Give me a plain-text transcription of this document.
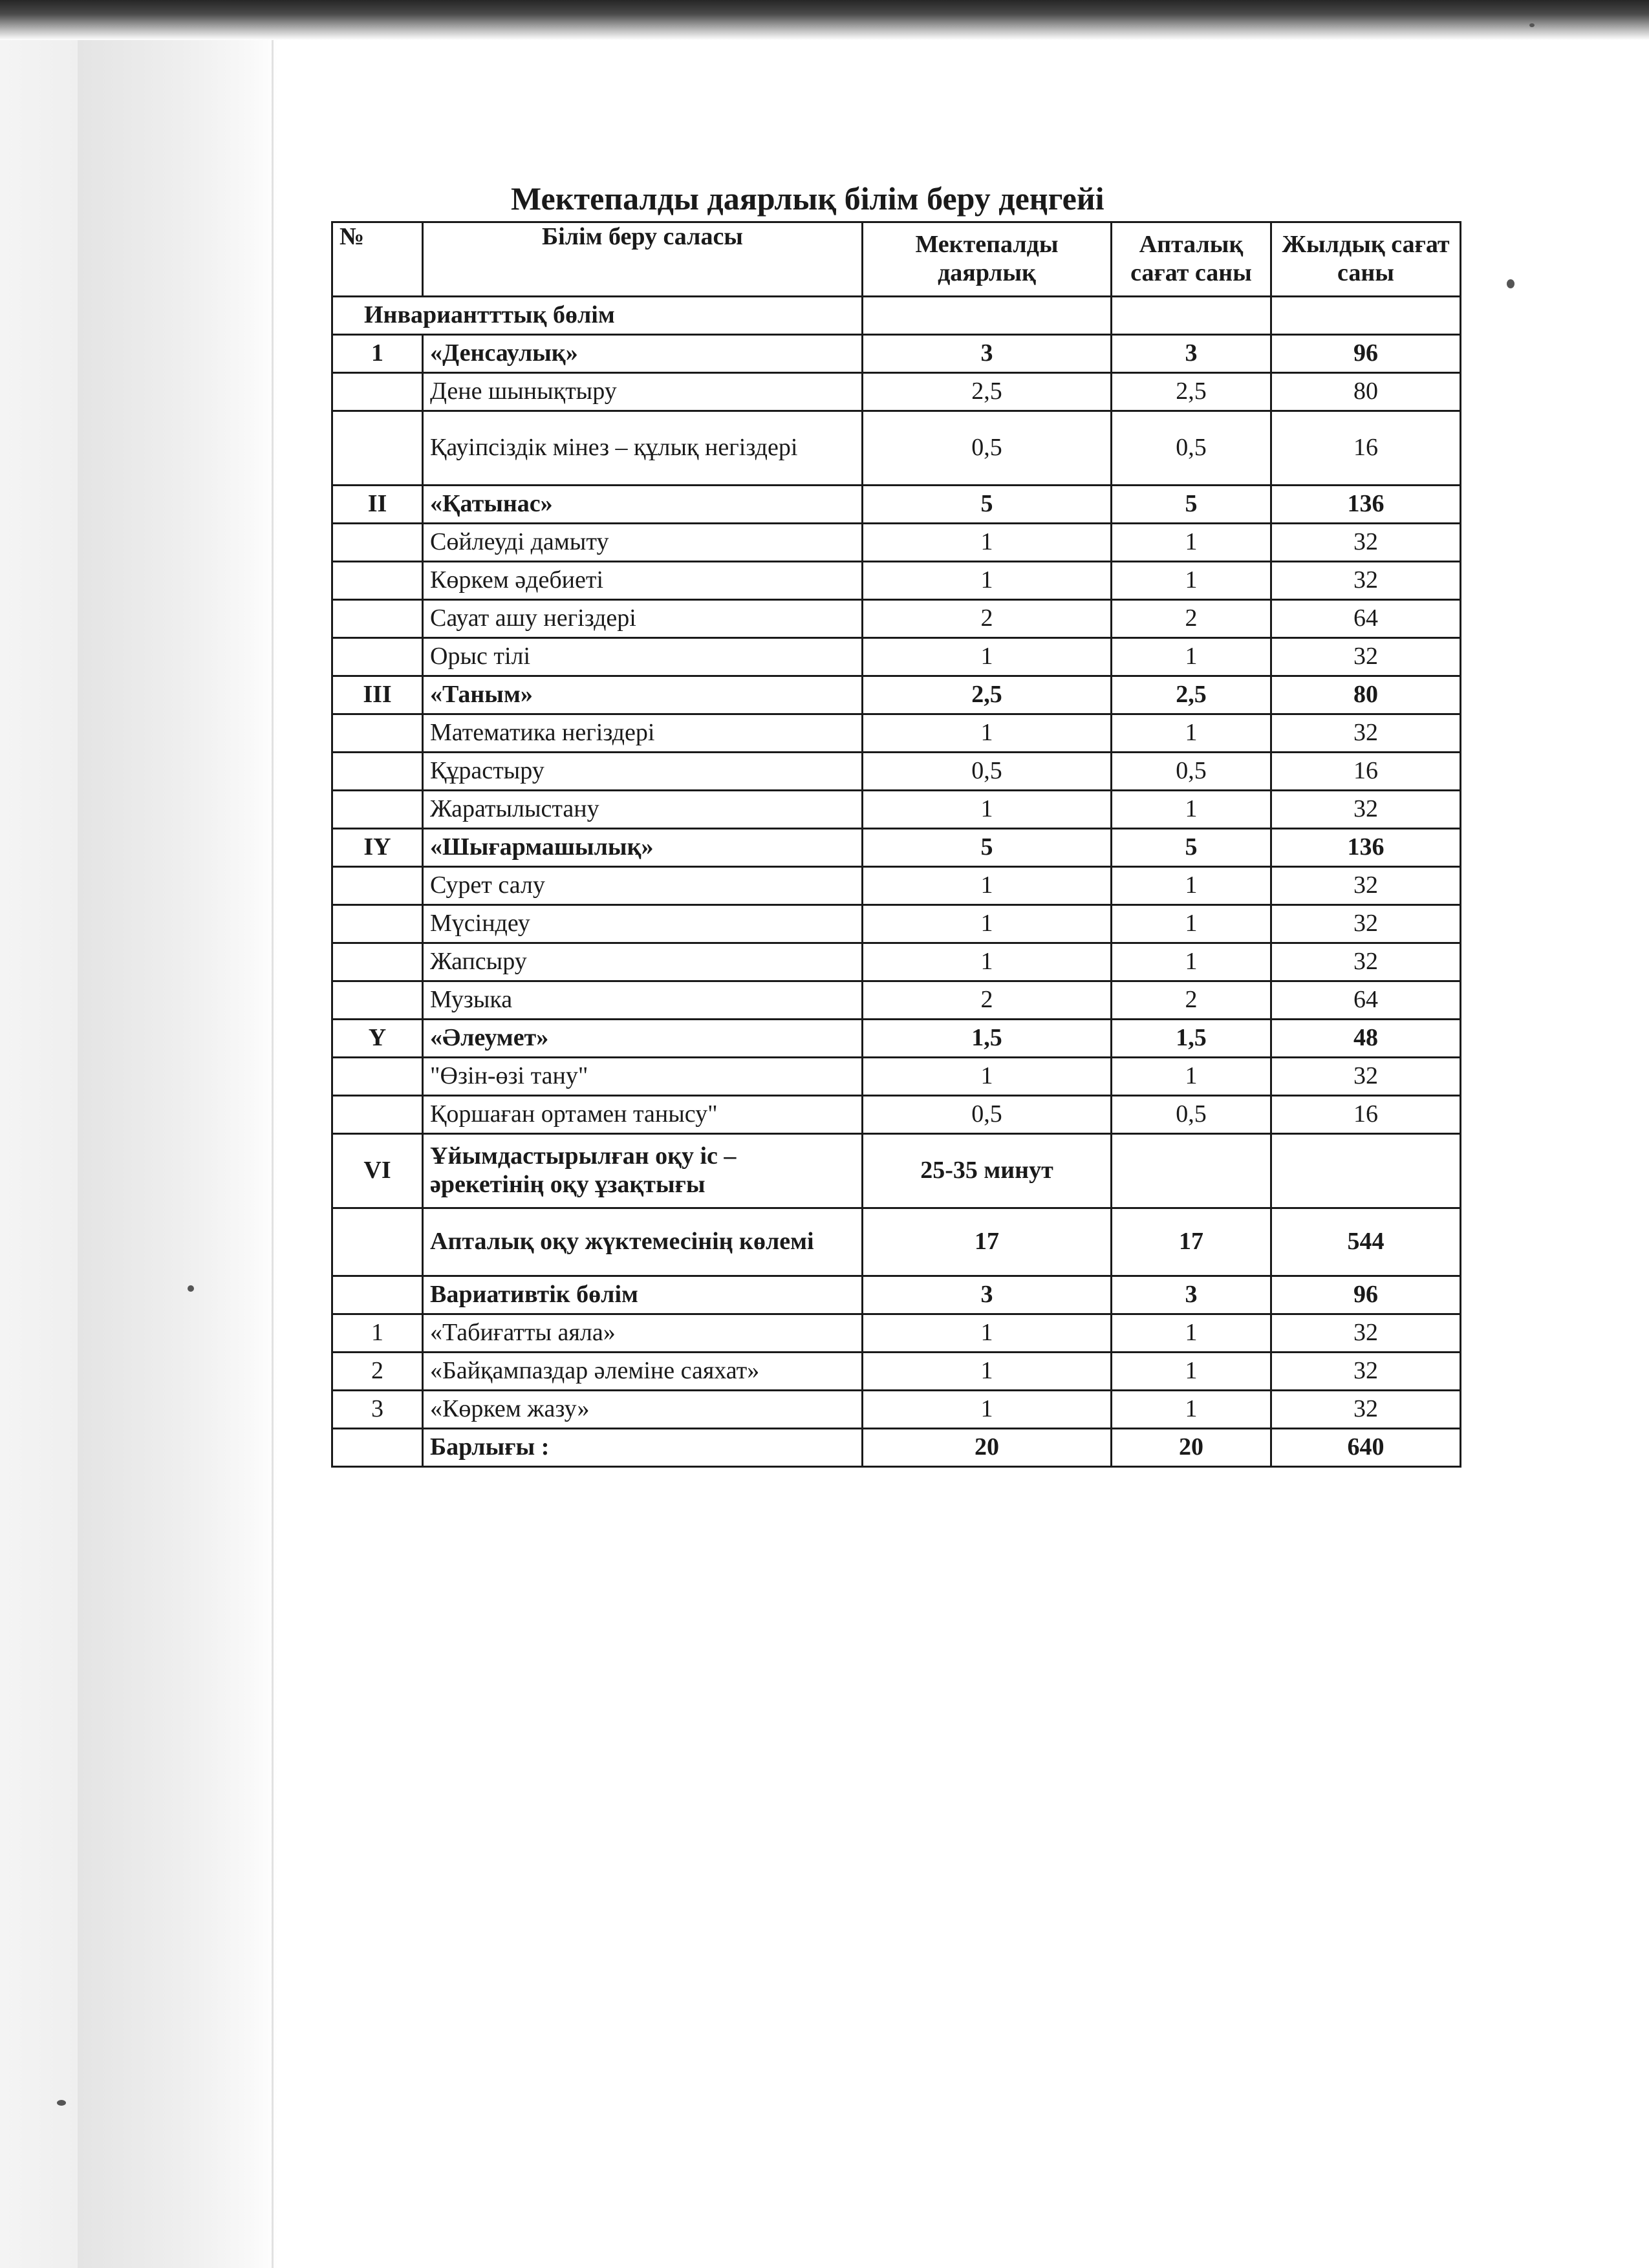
Мектепалды даярлық білім беру деңгейі
№	Білім беру саласы	Мектепалды даярлық	Апталық сағат саны	Жылдық сағат саны
Инвариантттық бөлім				
1	«Денсаулық»	3	3	96
	Дене шынықтыру	2,5	2,5	80
	Қауіпсіздік мінез – құлық негіздері	0,5	0,5	16
II	«Қатынас»	5	5	136
	Сөйлеуді дамыту	1	1	32
	Көркем әдебиеті	1	1	32
	Сауат ашу негіздері	2	2	64
	Орыс тілі	1	1	32
III	«Таным»	2,5	2,5	80
	Математика негіздері	1	1	32
	Құрастыру	0,5	0,5	16
	Жаратылыстану	1	1	32
IY	«Шығармашылық»	5	5	136
	Сурет салу	1	1	32
	Мүсіндеу	1	1	32
	Жапсыру	1	1	32
	Музыка	2	2	64
Y	«Әлеумет»	1,5	1,5	48
	"Өзін-өзі тану"	1	1	32
	Қоршаған ортамен танысу"	0,5	0,5	16
VI	Ұйымдастырылған оқу іс – әрекетінің оқу ұзақтығы	25-35 минут		
	Апталық оқу жүктемесінің көлемі	17	17	544
	Вариативтік бөлім	3	3	96
1	«Табиғатты аяла»	1	1	32
2	«Байқампаздар әлеміне саяхат»	1	1	32
3	«Көркем жазу»	1	1	32
	Барлығы :	20	20	640
